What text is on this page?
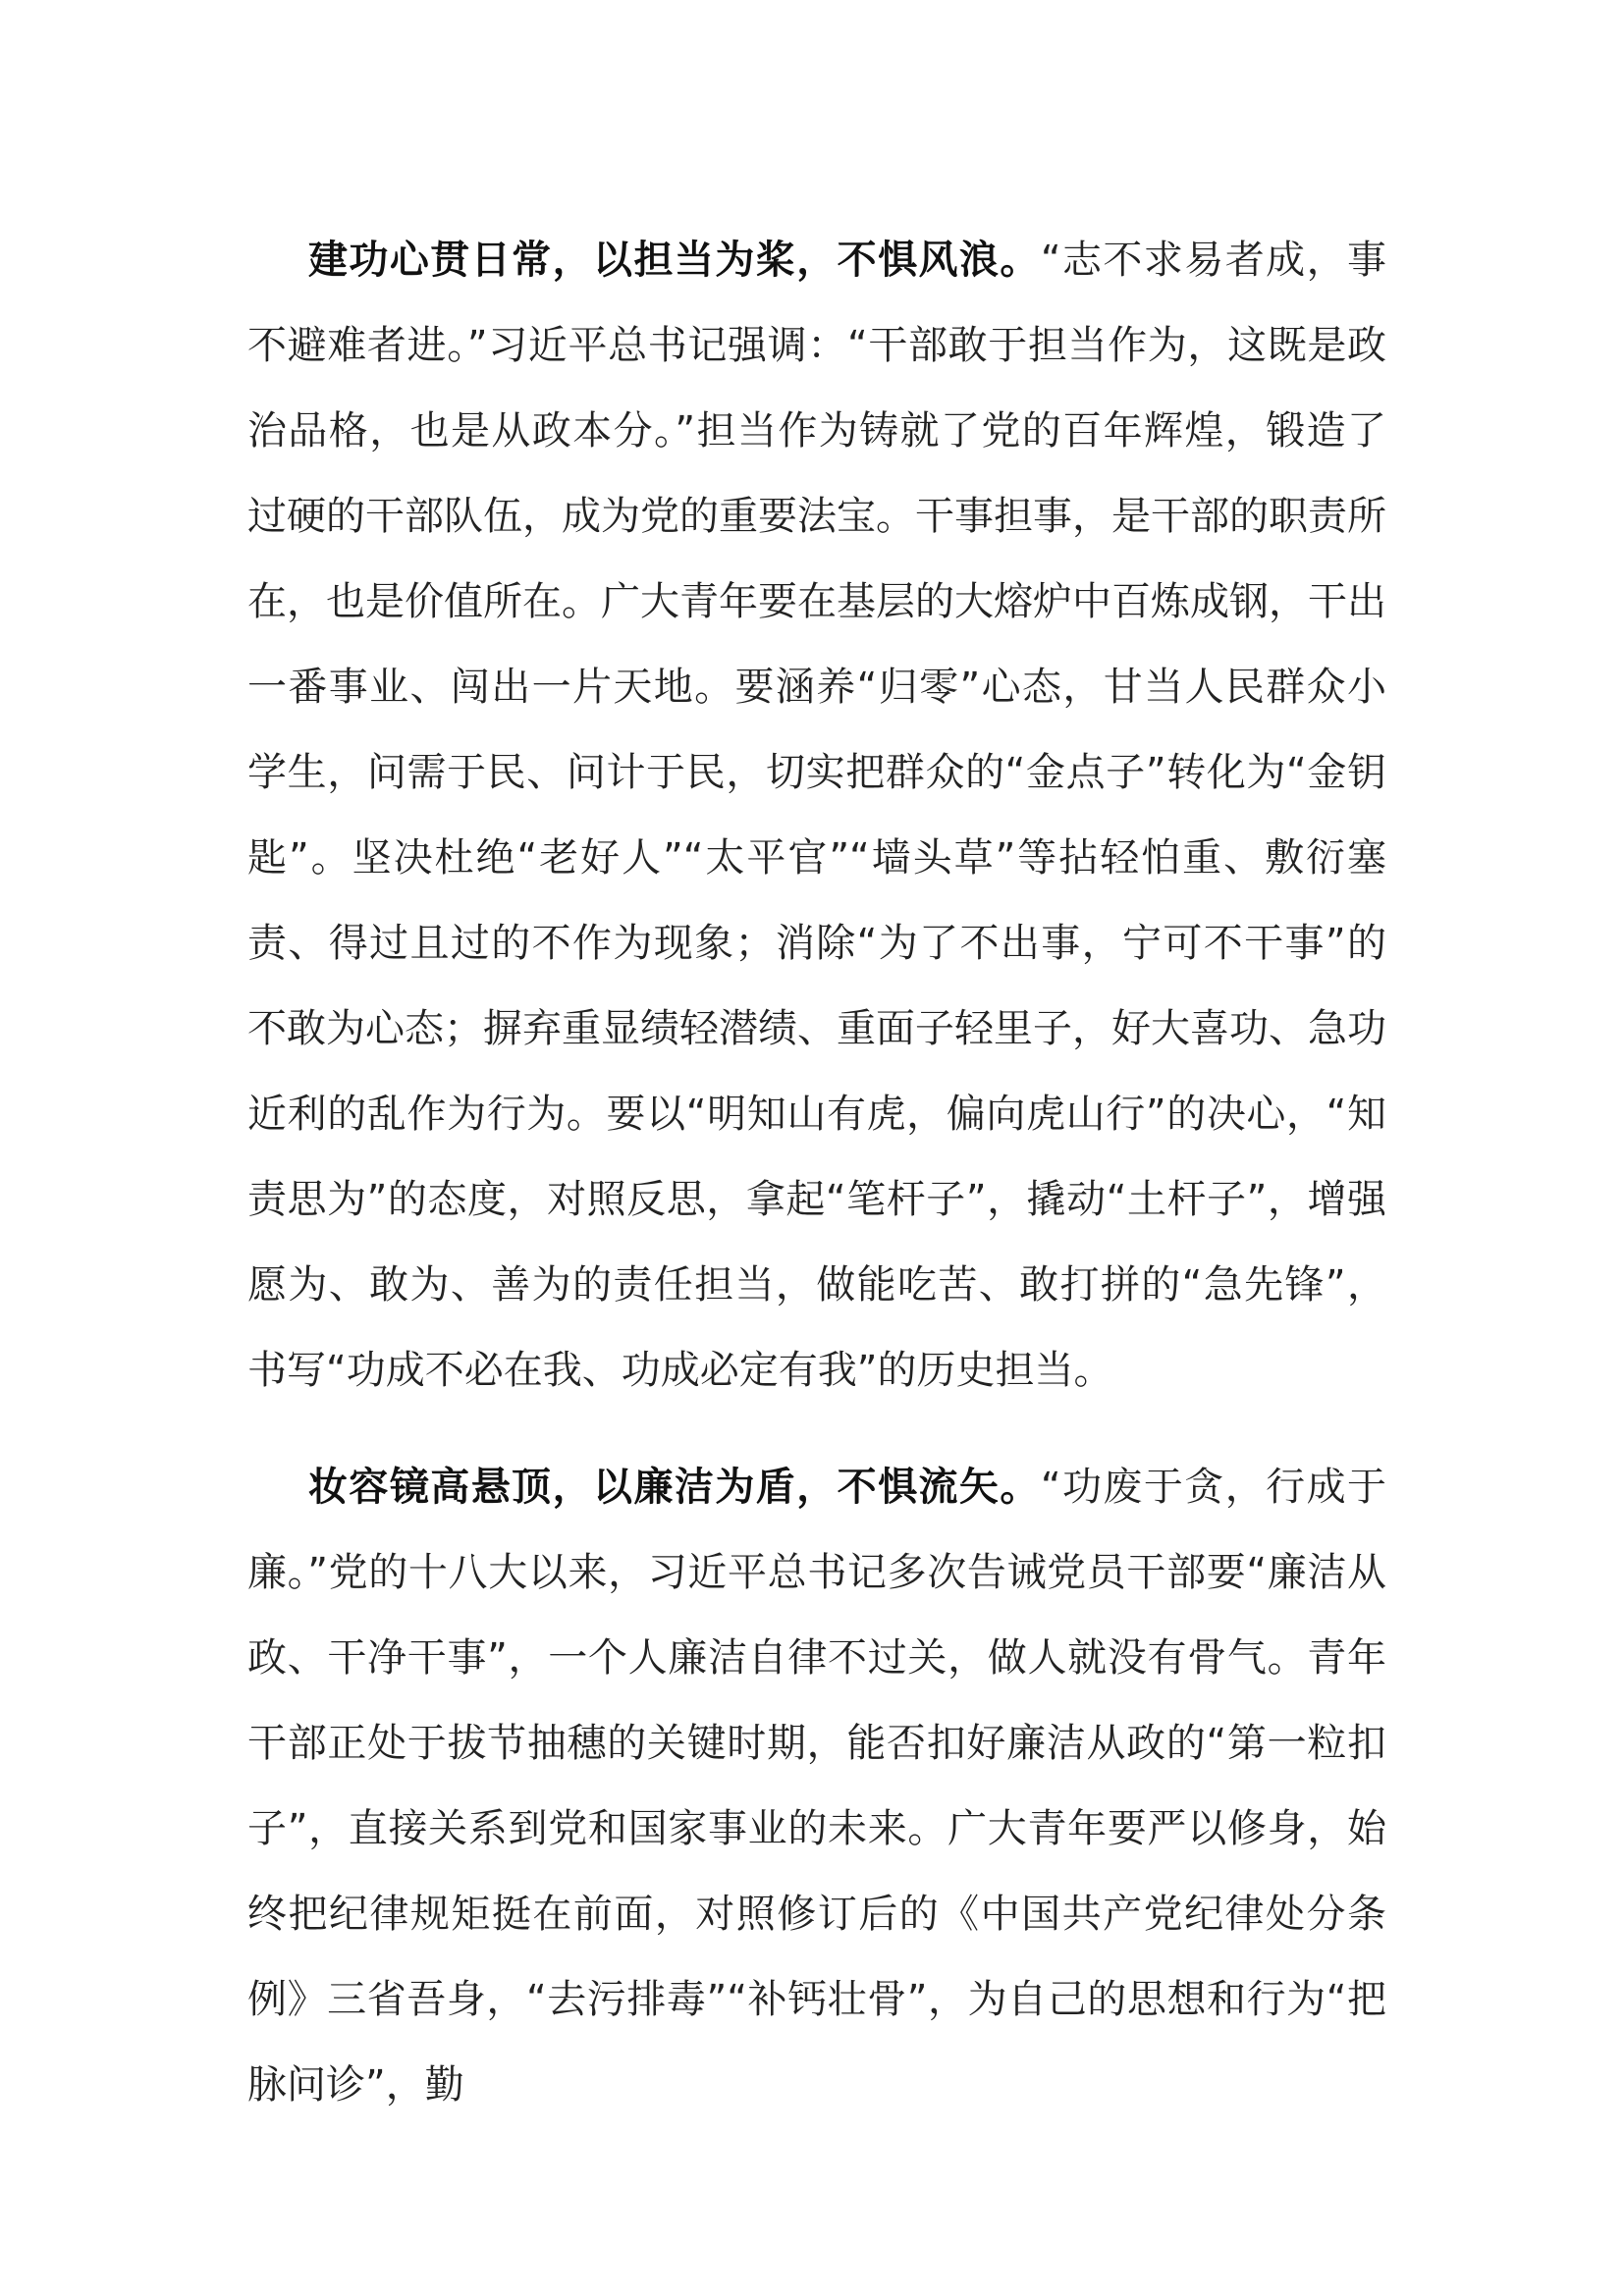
建功心贯日常，以担当为桨，不惧风浪。“志不求易者成，事不避难者进。”习近平总书记强调：“干部敢于担当作为，这既是政治品格，也是从政本分。”担当作为铸就了党的百年辉煌，锻造了过硬的干部队伍，成为党的重要法宝。干事担事，是干部的职责所在，也是价值所在。广大青年要在基层的大熔炉中百炼成钢，干出一番事业、闯出一片天地。要涵养“归零”心态，甘当人民群众小学生，问需于民、问计于民，切实把群众的“金点子”转化为“金钥匙”。坚决杜绝“老好人”“太平官”“墙头草”等拈轻怕重、敷衍塞责、得过且过的不作为现象；消除“为了不出事，宁可不干事”的不敢为心态；摒弃重显绩轻潜绩、重面子轻里子，好大喜功、急功近利的乱作为行为。要以“明知山有虎，偏向虎山行”的决心，“知责思为”的态度，对照反思，拿起“笔杆子”，撬动“土杆子”，增强愿为、敢为、善为的责任担当，做能吃苦、敢打拼的“急先锋”，书写“功成不必在我、功成必定有我”的历史担当。

妆容镜高悬顶，以廉洁为盾，不惧流矢。“功废于贪，行成于廉。”党的十八大以来，习近平总书记多次告诫党员干部要“廉洁从政、干净干事”，一个人廉洁自律不过关，做人就没有骨气。青年干部正处于拔节抽穗的关键时期，能否扣好廉洁从政的“第一粒扣子”，直接关系到党和国家事业的未来。广大青年要严以修身，始终把纪律规矩挺在前面，对照修订后的《中国共产党纪律处分条例》三省吾身，“去污排毒”“补钙壮骨”，为自己的思想和行为“把脉问诊”，勤
